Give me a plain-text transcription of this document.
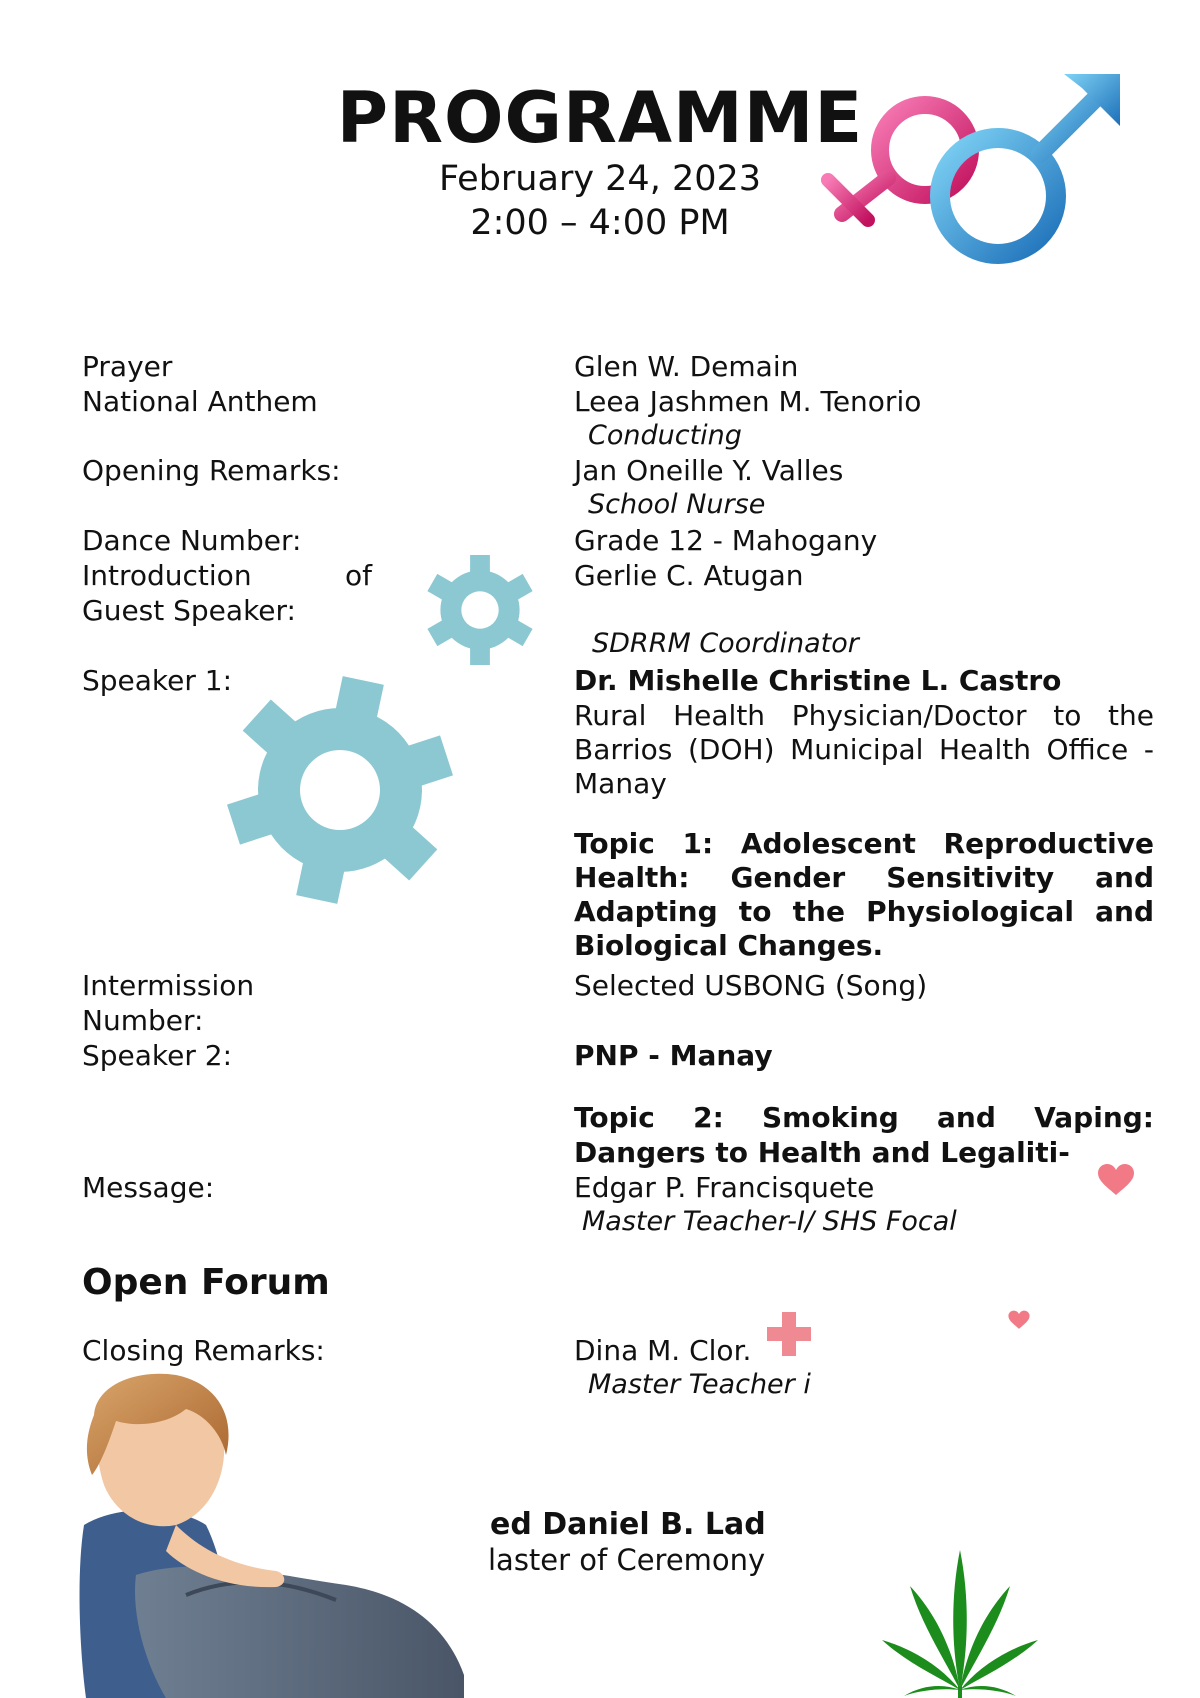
PROGRAMME
February 24, 2023
2:00 – 4:00 PM
Prayer
National Anthem
Opening Remarks:
Dance Number:
Introduction	of
Guest Speaker:
Speaker 1:
Intermission
Number:
Speaker 2:
Message:
Open Forum
Closing Remarks:
Glen W. Demain
Leea Jashmen M. Tenorio
Conducting
Jan Oneille Y. Valles
School Nurse
Grade 12 - Mahogany
Gerlie C. Atugan
SDRRM Coordinator
Dr. Mishelle Christine L. Castro
Rural Health Physician/Doctor to the Barrios (DOH) Municipal Health Office - Manay
Topic 1: Adolescent Reproductive Health: Gender Sensitivity and Adapting to the Physiological and Biological Changes.
Selected USBONG (Song)
PNP - Manay
Topic 2: Smoking and Vaping:
Dangers to Health and Legaliti-
Edgar P. Francisquete
Master Teacher-I/ SHS Focal
Dina M. Clor.
Master Teacher i
ed Daniel B. Lad
laster of Ceremony
